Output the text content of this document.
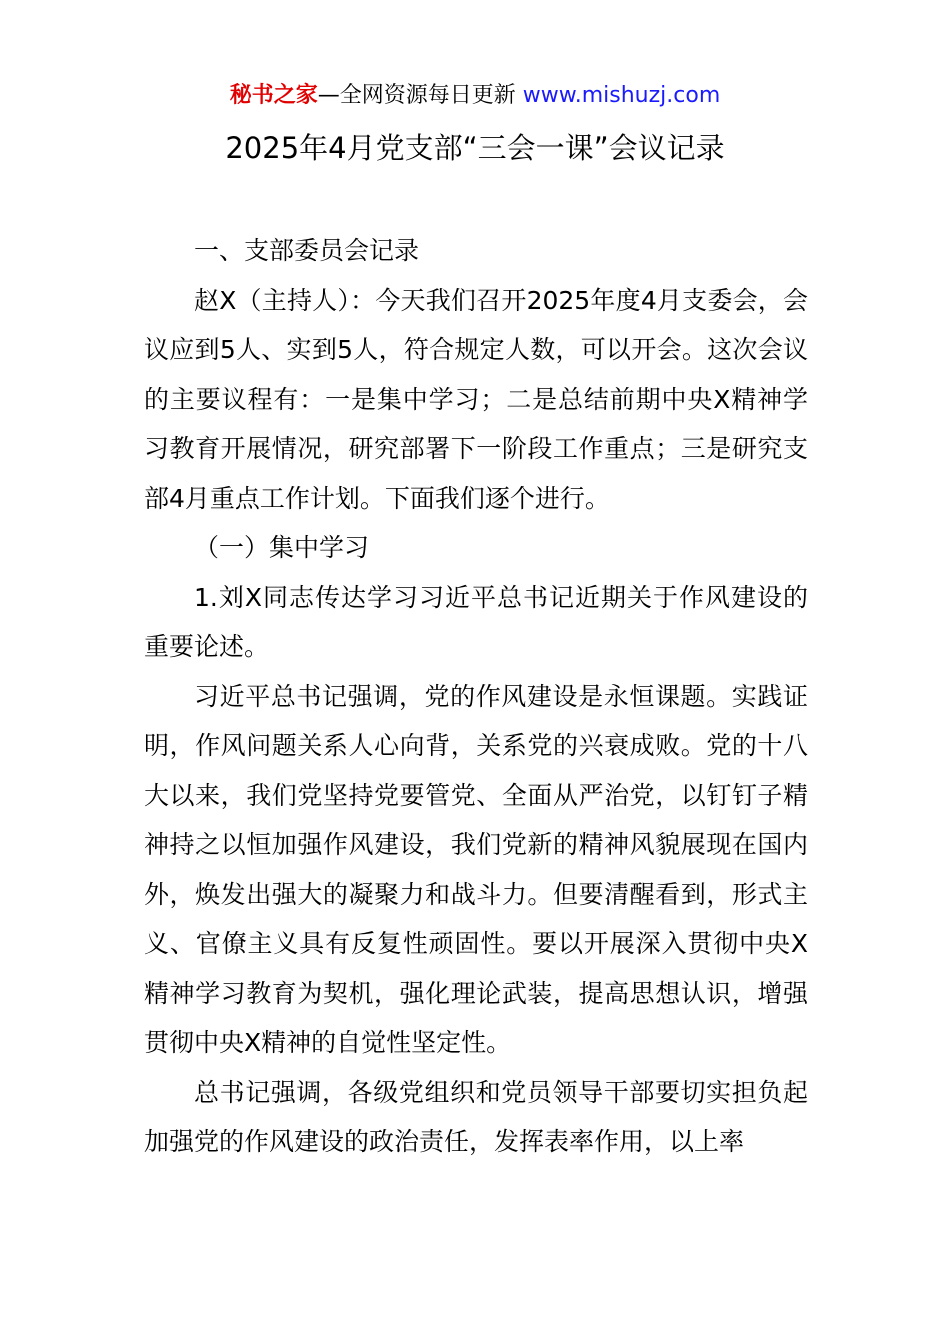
秘书之家—全网资源每日更新 www.mishuzj.com
2025年4月党支部“三会一课”会议记录

一、支部委员会记录

赵X（主持人）：今天我们召开2025年度4月支委会，会议应到5人、实到5人，符合规定人数，可以开会。这次会议的主要议程有：一是集中学习；二是总结前期中央X精神学习教育开展情况，研究部署下一阶段工作重点；三是研究支部4月重点工作计划。下面我们逐个进行。

（一）集中学习

1.刘X同志传达学习习近平总书记近期关于作风建设的重要论述。

习近平总书记强调，党的作风建设是永恒课题。实践证明，作风问题关系人心向背，关系党的兴衰成败。党的十八大以来，我们党坚持党要管党、全面从严治党，以钉钉子精神持之以恒加强作风建设，我们党新的精神风貌展现在国内外，焕发出强大的凝聚力和战斗力。但要清醒看到，形式主义、官僚主义具有反复性顽固性。要以开展深入贯彻中央X精神学习教育为契机，强化理论武装，提高思想认识，增强贯彻中央X精神的自觉性坚定性。

总书记强调，各级党组织和党员领导干部要切实担负起加强党的作风建设的政治责任，发挥表率作用，以上率
